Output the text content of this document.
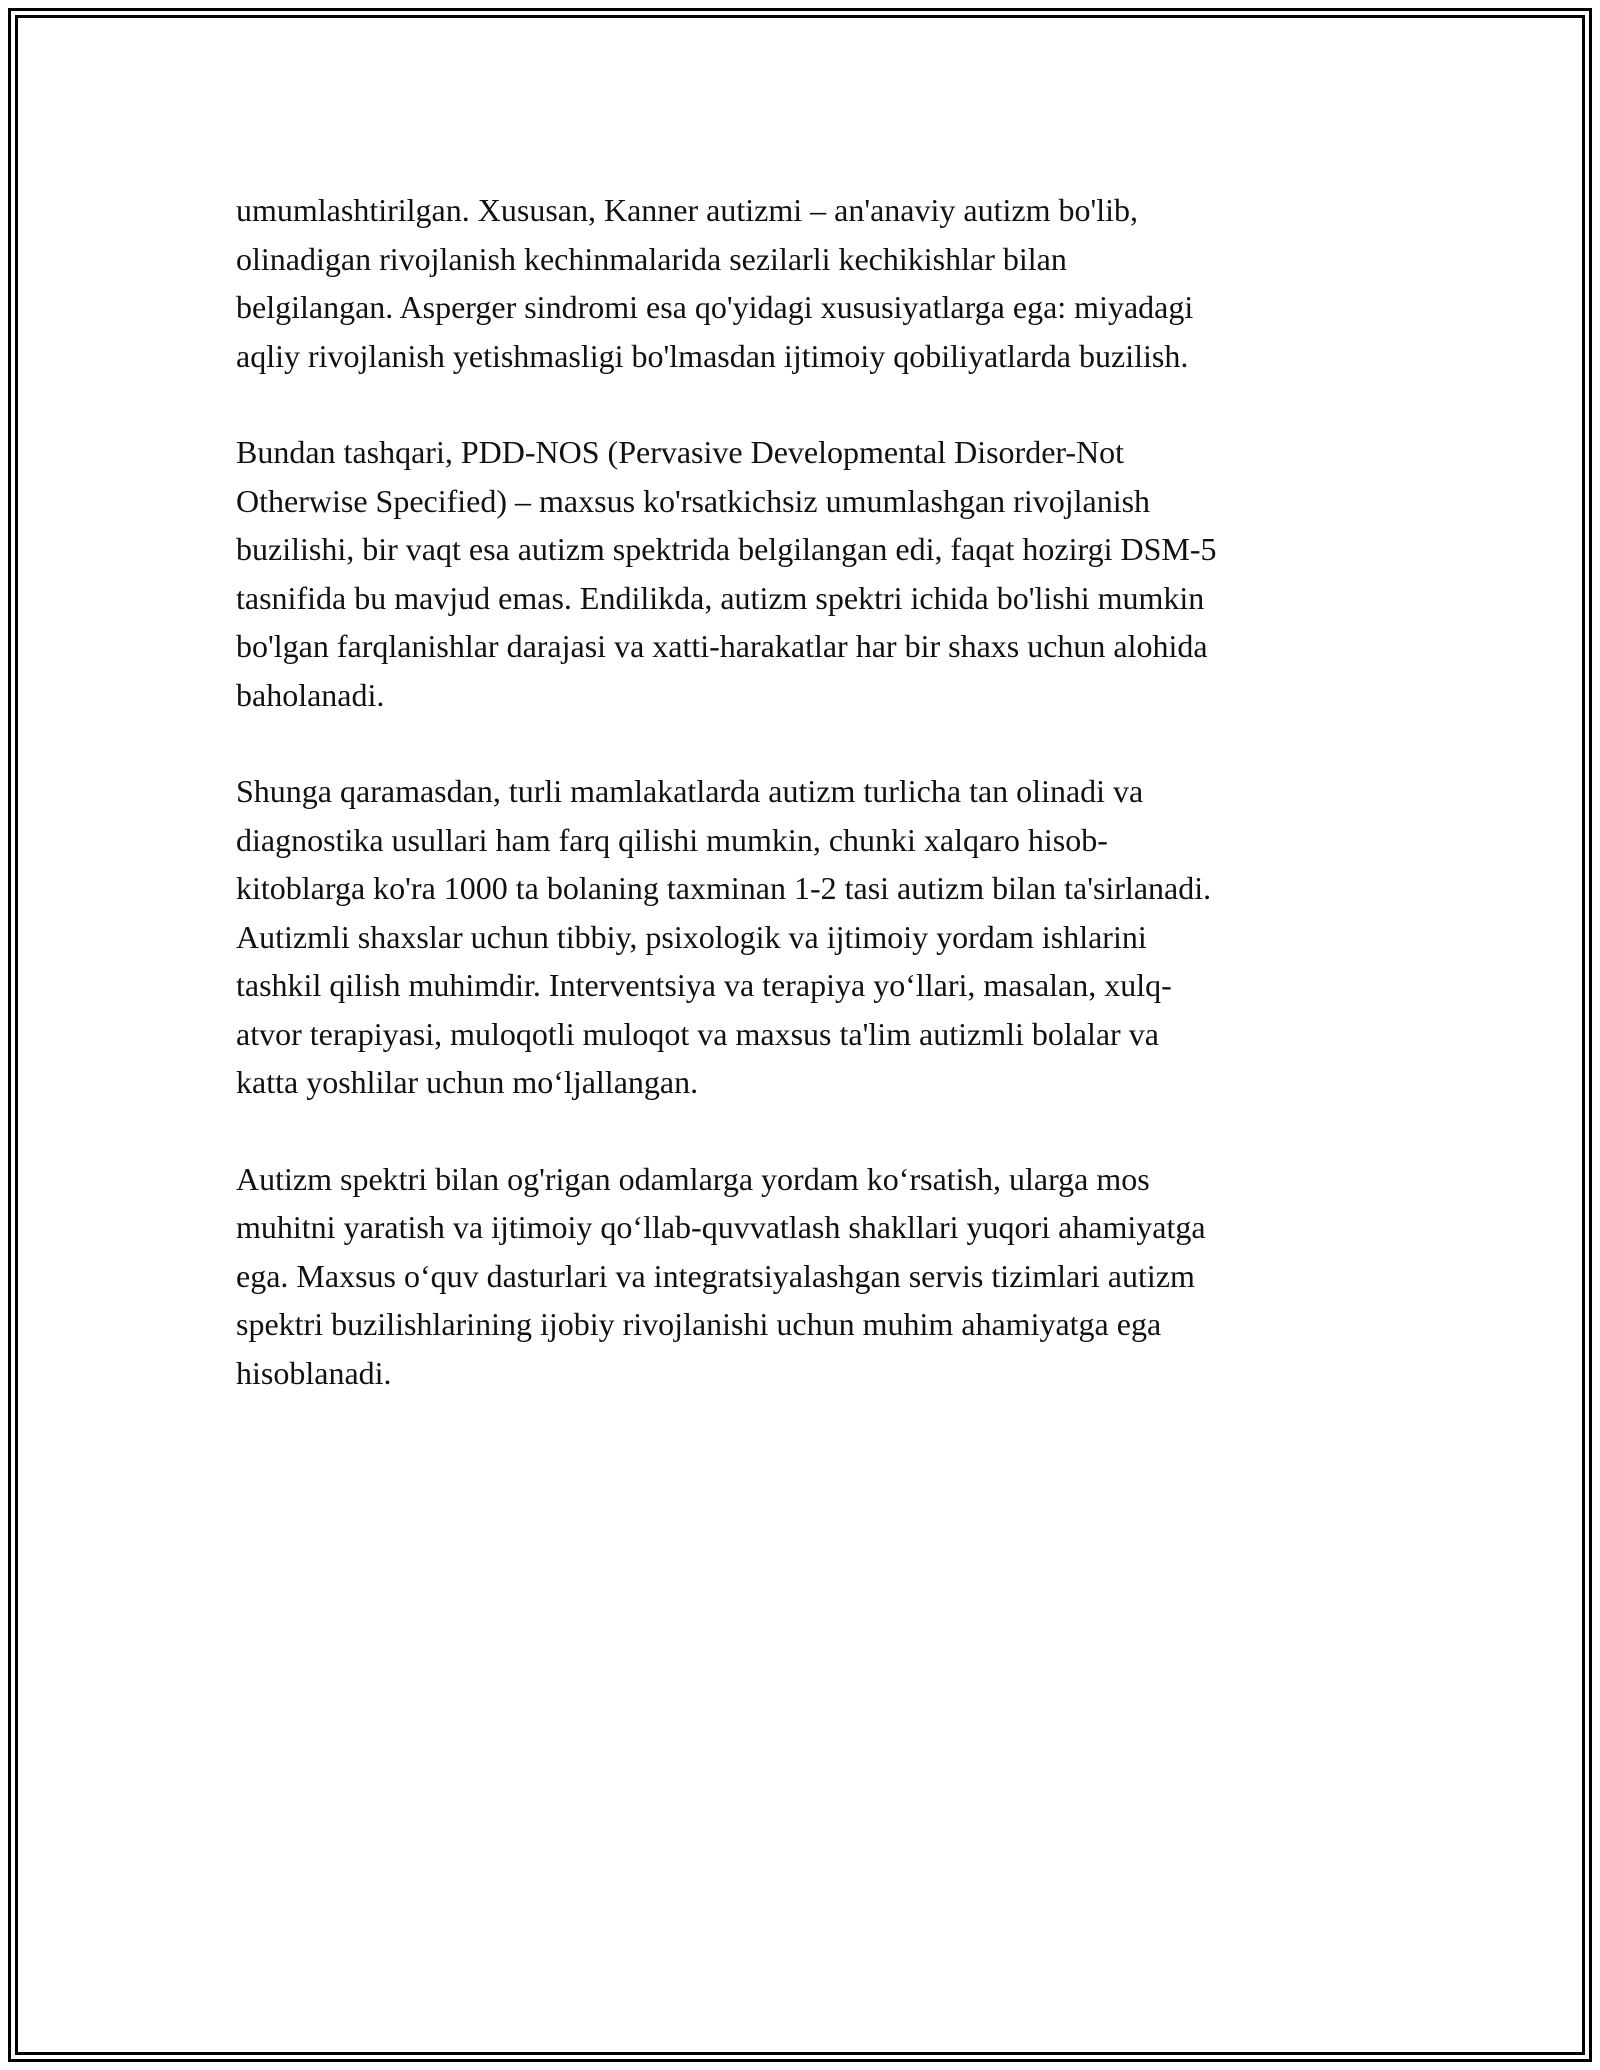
umumlashtirilgan. Xususan, Kanner autizmi – an'anaviy autizm bo'lib,
olinadigan rivojlanish kechinmalarida sezilarli kechikishlar bilan
belgilangan. Asperger sindromi esa qo'yidagi xususiyatlarga ega: miyadagi
aqliy rivojlanish yetishmasligi bo'lmasdan ijtimoiy qobiliyatlarda buzilish.

Bundan tashqari, PDD-NOS (Pervasive Developmental Disorder-Not
Otherwise Specified) – maxsus ko'rsatkichsiz umumlashgan rivojlanish
buzilishi, bir vaqt esa autizm spektrida belgilangan edi, faqat hozirgi DSM-5
tasnifida bu mavjud emas. Endilikda, autizm spektri ichida bo'lishi mumkin
bo'lgan farqlanishlar darajasi va xatti-harakatlar har bir shaxs uchun alohida
baholanadi.

Shunga qaramasdan, turli mamlakatlarda autizm turlicha tan olinadi va
diagnostika usullari ham farq qilishi mumkin, chunki xalqaro hisob-
kitoblarga ko'ra 1000 ta bolaning taxminan 1-2 tasi autizm bilan ta'sirlanadi.
Autizmli shaxslar uchun tibbiy, psixologik va ijtimoiy yordam ishlarini
tashkil qilish muhimdir. Interventsiya va terapiya yo‘llari, masalan, xulq-
atvor terapiyasi, muloqotli muloqot va maxsus ta'lim autizmli bolalar va
katta yoshlilar uchun mo‘ljallangan.

Autizm spektri bilan og'rigan odamlarga yordam ko‘rsatish, ularga mos
muhitni yaratish va ijtimoiy qo‘llab-quvvatlash shakllari yuqori ahamiyatga
ega. Maxsus o‘quv dasturlari va integratsiyalashgan servis tizimlari autizm
spektri buzilishlarining ijobiy rivojlanishi uchun muhim ahamiyatga ega
hisoblanadi.
